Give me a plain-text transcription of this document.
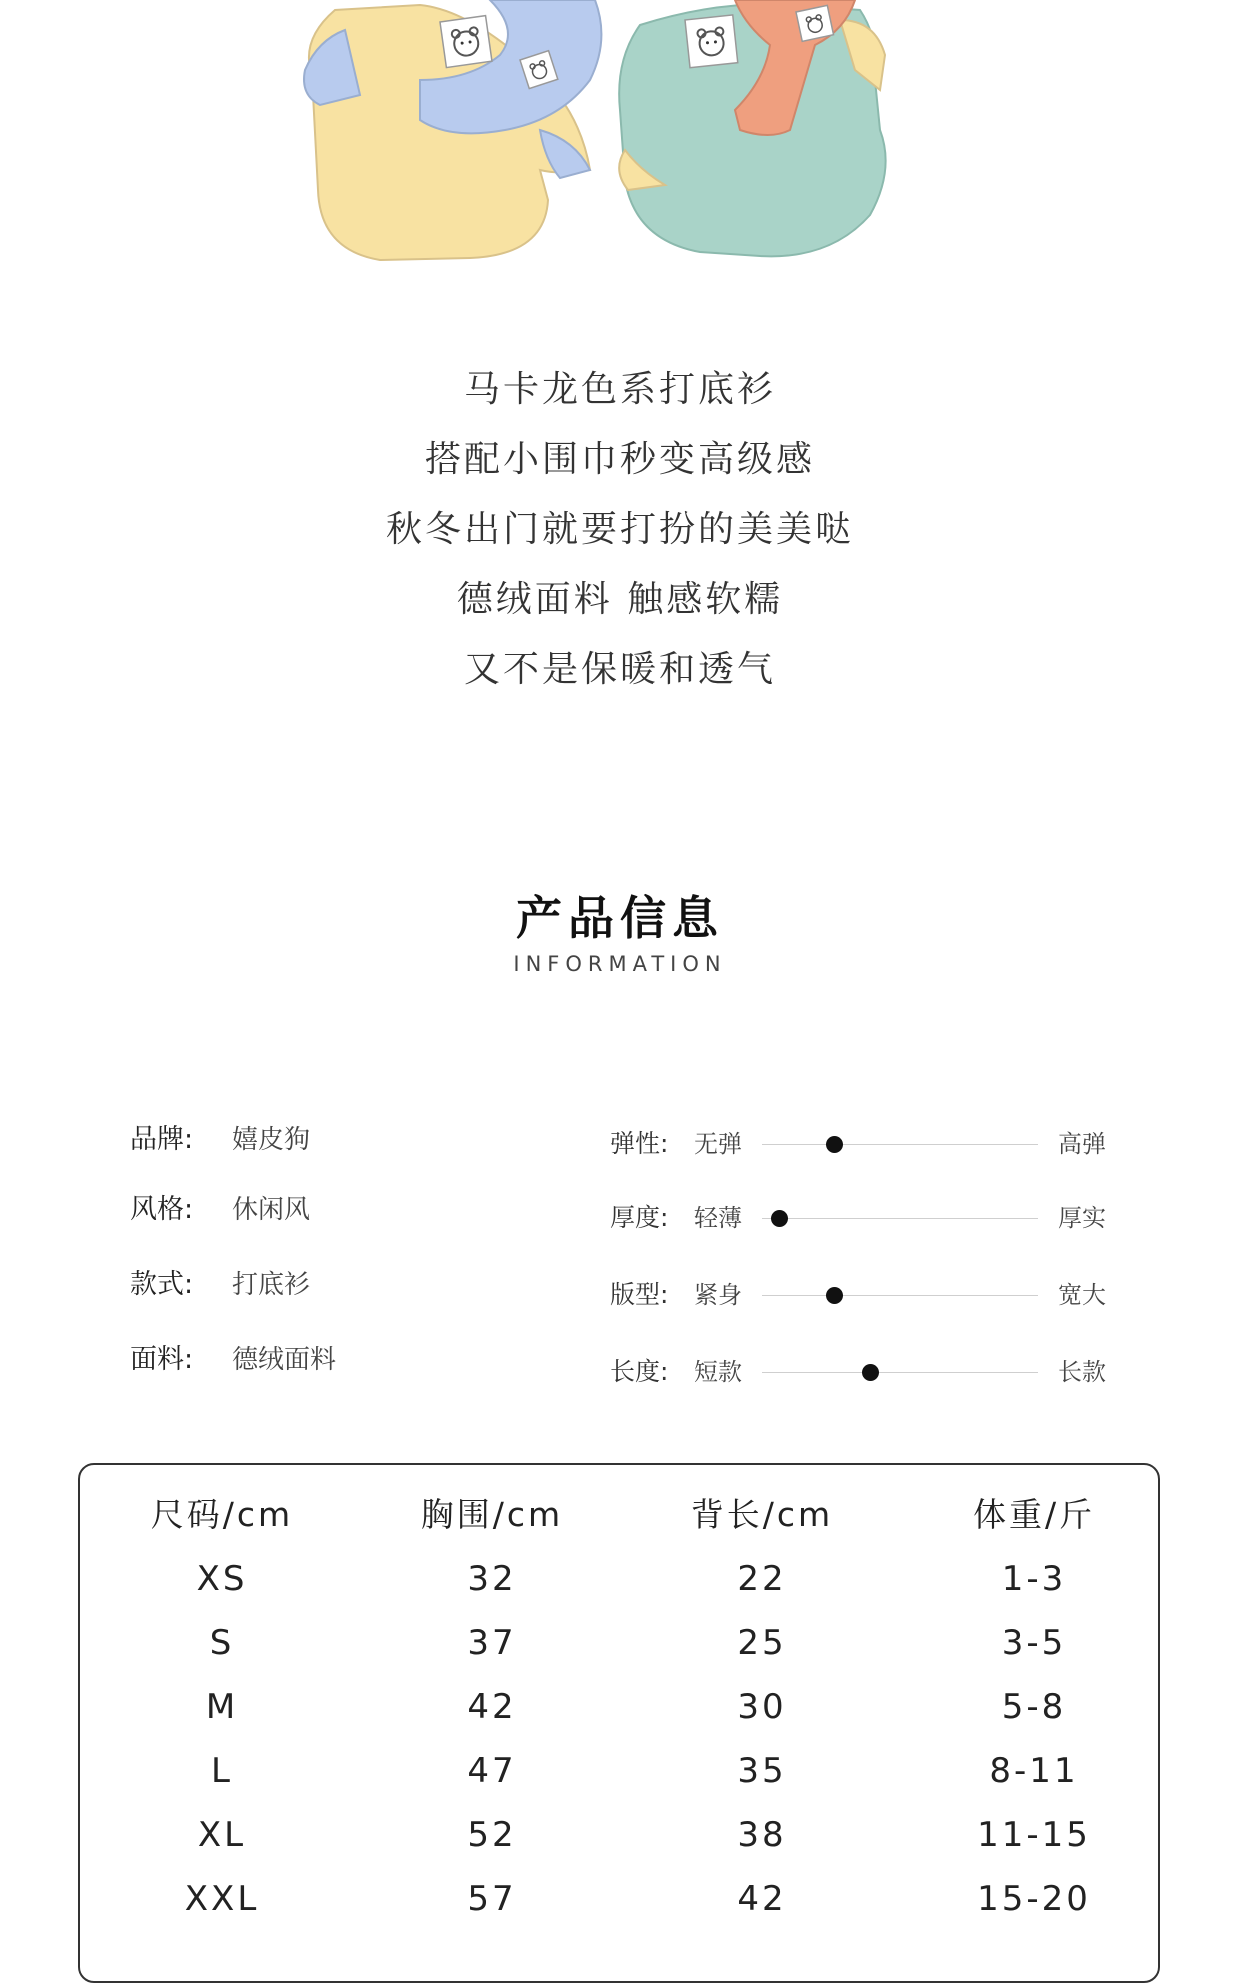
马卡龙色系打底衫
搭配小围巾秒变高级感
秋冬出门就要打扮的美美哒
德绒面料 触感软糯
又不是保暖和透气
产品信息
INFORMATION
品牌: 嬉皮狗
风格: 休闲风
款式: 打底衫
面料: 德绒面料
弹性: 无弹	高弹
厚度: 轻薄	厚实
版型: 紧身	宽大
长度: 短款	长款
尺码/cm	胸围/cm	背长/cm	体重/斤
XS	32	22	1-3
S	37	25	3-5
M	42	30	5-8
L	47	35	8-11
XL	52	38	11-15
XXL	57	42	15-20
